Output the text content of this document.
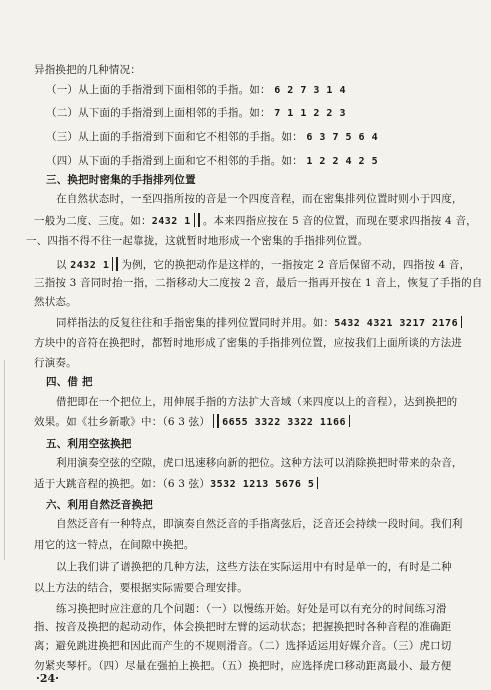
异指换把的几种情况：
（一）从上面的手指滑到下面相邻的手指。如： 6 2 7 3 1 4
（二）从下面的手指滑到上面相邻的手指。如： 7 1 1 2 2 3
（三）从上面的手指滑到下面和它不相邻的手指。如： 6 3 7 5 6 4
（四）从下面的手指滑到上面和它不相邻的手指。如： 1 2 2 4 2 5
三、换把时密集的手指排列位置
在自然状态时，一至四指所按的音是一个四度音程，而在密集排列位置时则小于四度，
一般为二度、三度。如：2432 1 。本来四指应按在 5 音的位置，而现在要求四指按 4 音，
一、四指不得不往一起靠拢，这就暂时地形成一个密集的手指排列位置。
以 2432 1 为例，它的换把动作是这样的，一指按定 2 音后保留不动，四指按 4 音，
三指按 3 音同时抬一指，二指移动大二度按 2 音，最后一指再开按在 1 音上，恢复了手指的自
然状态。
同样指法的反复往往和手指密集的排列位置同时并用。如：5432 4321 3217 2176
方块中的音符在换把时，都暂时地形成了密集的手指排列位置，应按我们上面所谈的方法进
行演奏。
四、借 把
借把即在一个把位上，用伸展手指的方法扩大音域（来四度以上的音程），达到换把的
效果。如《壮乡新歌》中：（6 3 弦） 6655 3322 3322 1166
五、利用空弦换把
利用演奏空弦的空隙，虎口迅速移向新的把位。这种方法可以消除换把时带来的杂音，
适于大跳音程的换把。如：（6 3 弦）3532 1213 5676 5
六、利用自然泛音换把
自然泛音有一种特点，即演奏自然泛音的手指离弦后，泛音还会持续一段时间。我们利
用它的这一特点，在间隙中换把。
以上我们讲了谱换把的几种方法，这些方法在实际运用中有时是单一的，有时是二种
以上方法的结合，要根据实际需要合理安排。
练习换把时应注意的几个问题：（一）以慢练开始。好处是可以有充分的时间练习滑
指、按音及换把的起动动作，体会换把时左臂的运动状态；把握换把时各种音程的准确距
离；避免跳进换把和因此而产生的不规则滑音。（二）选择适运用好媒介音。（三）虎口切
勿紧夹琴杆。（四）尽量在强拍上换把。（五）换把时，应选择虎口移动距离最小、最方便
·24·
